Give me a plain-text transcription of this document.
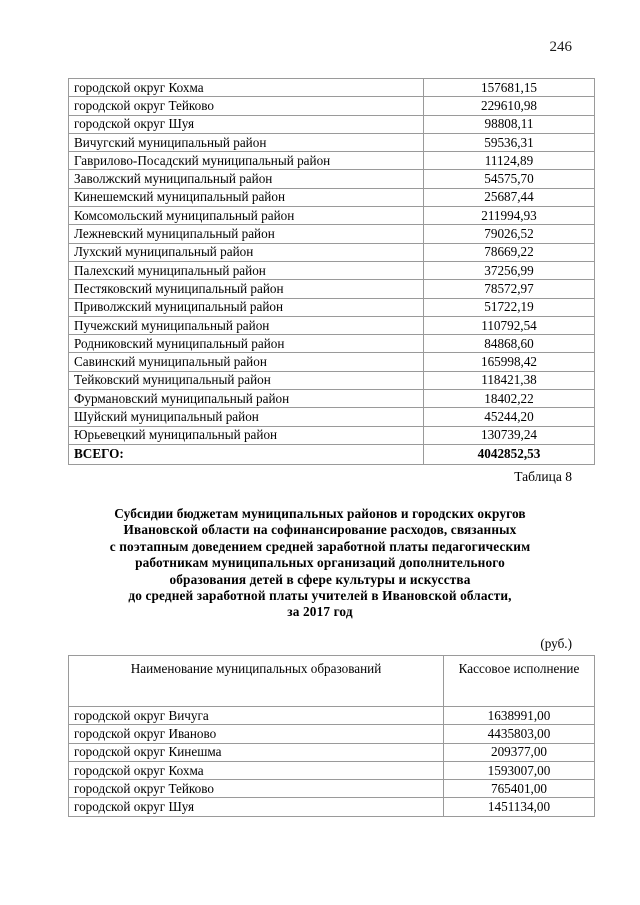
246
городской округ Кохма	157681,15
городской округ Тейково	229610,98
городской округ Шуя	98808,11
Вичугский муниципальный район	59536,31
Гаврилово-Посадский муниципальный район	11124,89
Заволжский муниципальный район	54575,70
Кинешемский муниципальный район	25687,44
Комсомольский муниципальный район	211994,93
Лежневский муниципальный район	79026,52
Лухский муниципальный район	78669,22
Палехский муниципальный район	37256,99
Пестяковский муниципальный район	78572,97
Приволжский муниципальный район	51722,19
Пучежский муниципальный район	110792,54
Родниковский муниципальный район	84868,60
Савинский муниципальный район	165998,42
Тейковский муниципальный район	118421,38
Фурмановский муниципальный район	18402,22
Шуйский муниципальный район	45244,20
Юрьевецкий муниципальный район	130739,24
ВСЕГО:	4042852,53
Таблица 8
Субсидии бюджетам муниципальных районов и городских округов
Ивановской области на софинансирование расходов, связанных
с поэтапным доведением средней заработной платы педагогическим
работникам муниципальных организаций дополнительного
образования детей в сфере культуры и искусства
до средней заработной платы учителей в Ивановской области,
за 2017 год
(руб.)
Наименование муниципальных образований	Кассовое исполнение
городской округ Вичуга	1638991,00
городской округ Иваново	4435803,00
городской округ Кинешма	209377,00
городской округ Кохма	1593007,00
городской округ Тейково	765401,00
городской округ Шуя	1451134,00
